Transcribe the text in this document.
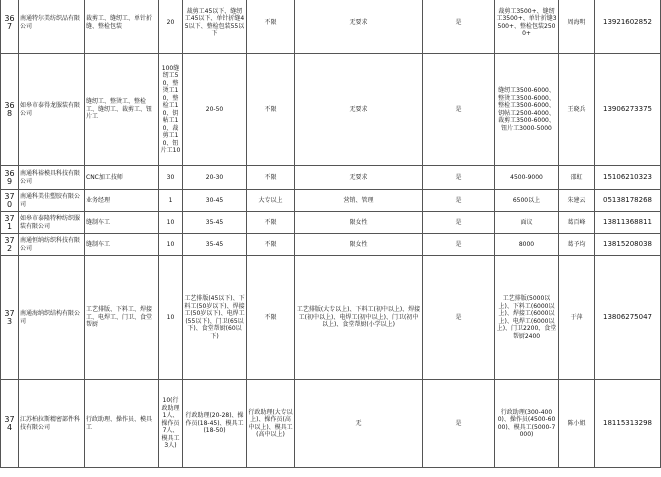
367	南通特尔美纺织品有限公司	裁剪工、缝纫工、单针折缝、整检包装	20	裁剪工45以下、缝纫工45以下、单针折缝45以下、整检包装55以下	不限	无要求	是	裁剪工3500+、缝纫工3500+、单针折缝3500+、整检包装2500+	周海明	13921602852
368	如皋市泰得龙服装有限公司	缝纫工、整烫工、整检工、缝纫工、裁剪工、钮片工	100缝纫工50、整烫工10、整检工10、钥帖工10、裁剪工10、钮片工10	20-50	不限	无要求	是	缝纫工3500-6000、整烫工3500-6000、整检工3500-6000、钥帖工2500-4000、裁剪工3500-6000、钮片工3000-5000	王晓兵	13906273375
369	南通科裕模具科技有限公司	CNC加工技师	30	20-30	不限	无要求	是	4500-9000	邵虹	15106210323
370	南通科美佳塑胶有限公司	业务经理	1	30-45	大专以上	营销、管理	是	6500以上	朱建云	05138178268
371	如皋市泰隆特种纺织服装有限公司	缝制车工	10	35-45	不限	限女性	是	面议	葛百峰	13811368811
372	南通恒纳纺织科技有限公司	缝制车工	10	35-45	不限	限女性	是	8000	葛予均	13815208038
373	南通海纳织结构有限公司	工艺排版、下料工、焊接工、电焊工、门卫、食堂帮厨	10	工艺排版(45以下)、下料工(50岁以下)、焊接工(50岁以下)、电焊工(55以下)、门卫(65以下)、食堂帮厨(60以下)	不限	工艺排版(大专以上)、下料工(初中以上)、焊接工(初中以上)、电焊工(初中以上)、门卫(初中以上)、食堂帮厨(小学以上)	是	工艺排版(5000以上)、下料工(6000以上)、焊接工(6000以上)、电焊工(6000以上)、门卫2200、食堂帮厨2400	于萍	13806275047
374	江苏柏拉斯精密部件科技有限公司	行政助理、操作员、模具工	10(行政助理1人、操作员7人、模具工3人)	行政助理(20-28)、操作员(18-45)、模具工(18-50)	行政助理(大专以上)、操作员(高中以上)、模具工(高中以上)	无	是	行政助理(300-4000)、操作员(4500-6000)、模具工(5000-7000)	陈小姐	18115313298
